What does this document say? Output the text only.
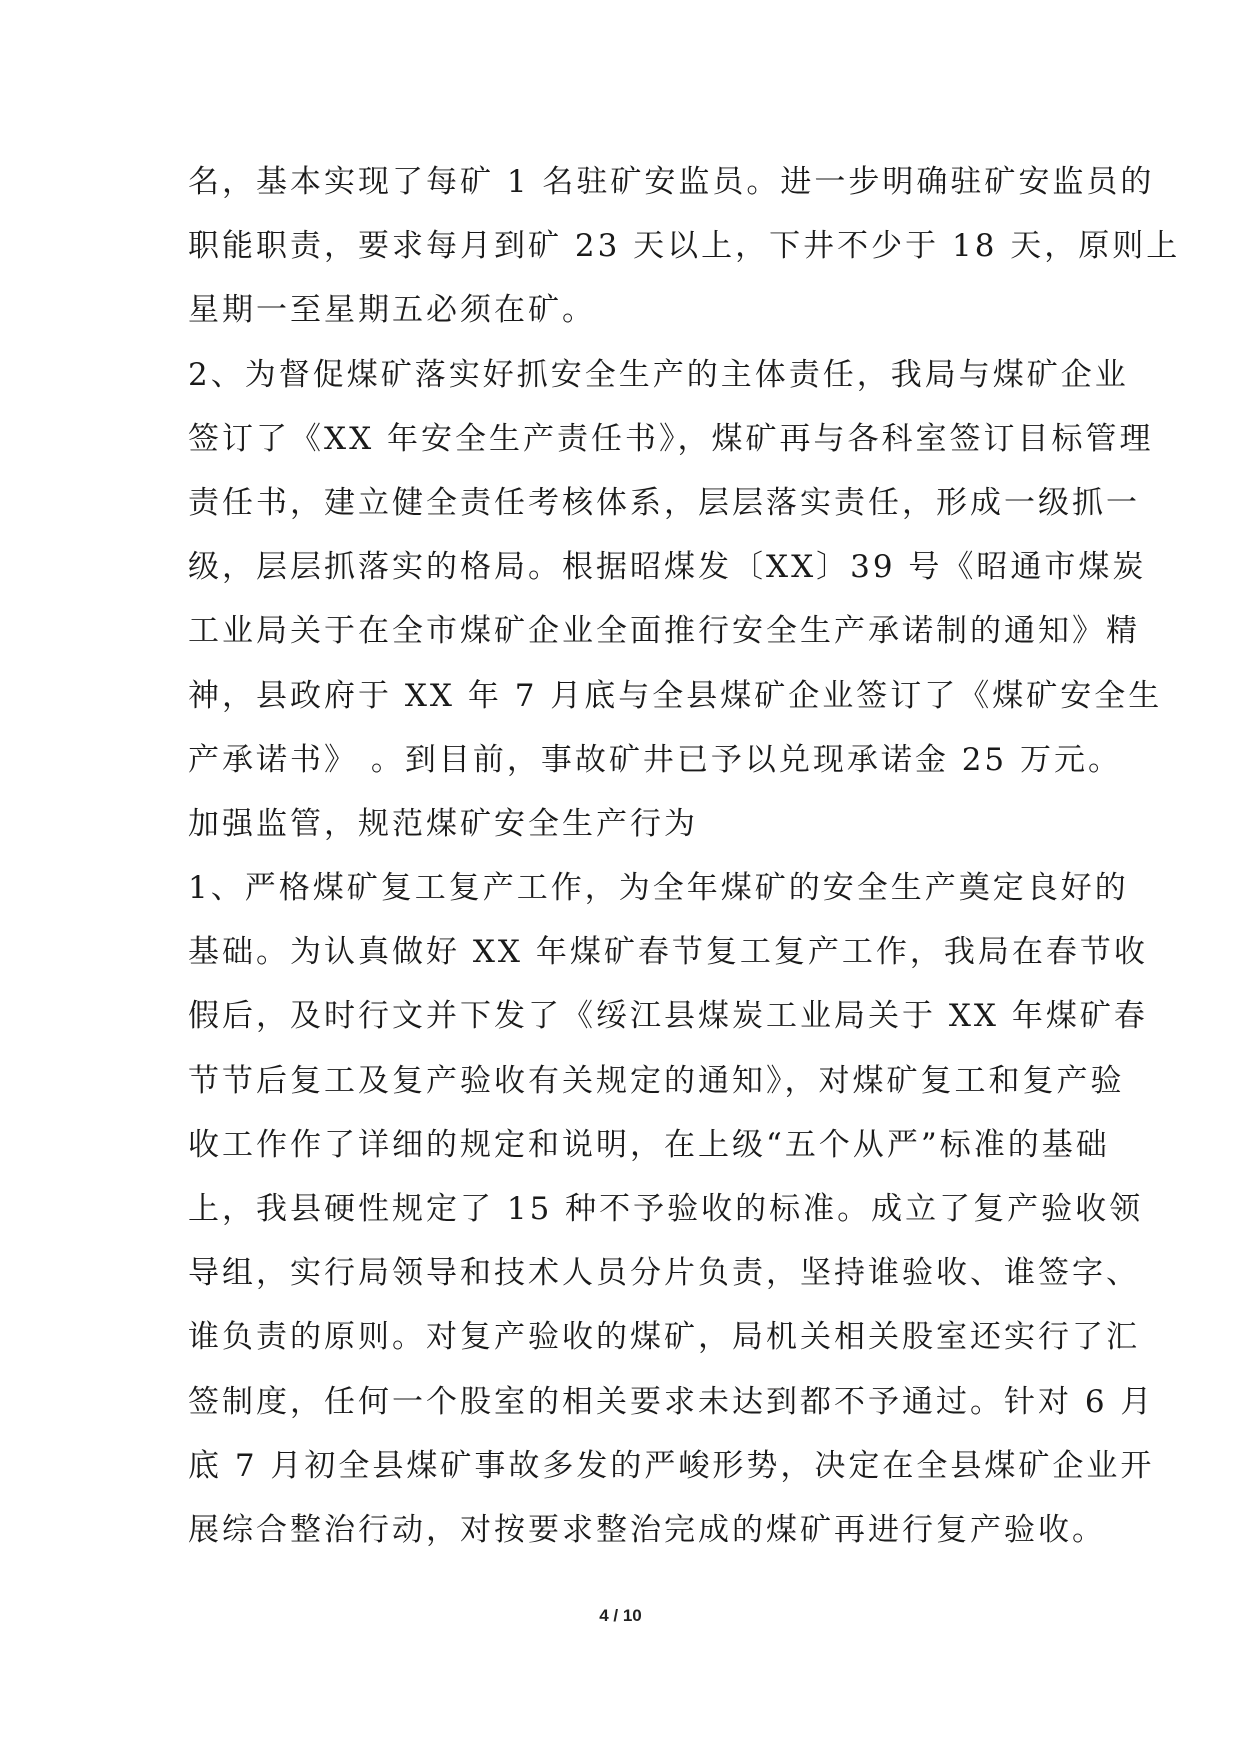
名，基本实现了每矿 1 名驻矿安监员。进一步明确驻矿安监员的
职能职责，要求每月到矿 23 天以上，下井不少于 18 天，原则上
星期一至星期五必须在矿。
2、为督促煤矿落实好抓安全生产的主体责任，我局与煤矿企业
签订了《XX 年安全生产责任书》，煤矿再与各科室签订目标管理
责任书，建立健全责任考核体系，层层落实责任，形成一级抓一
级，层层抓落实的格局。根据昭煤发〔XX〕39 号《昭通市煤炭
工业局关于在全市煤矿企业全面推行安全生产承诺制的通知》精
神，县政府于 XX 年 7 月底与全县煤矿企业签订了《煤矿安全生
产承诺书》 。到目前，事故矿井已予以兑现承诺金 25 万元。
加强监管，规范煤矿安全生产行为
1、严格煤矿复工复产工作，为全年煤矿的安全生产奠定良好的
基础。为认真做好 XX 年煤矿春节复工复产工作，我局在春节收
假后，及时行文并下发了《绥江县煤炭工业局关于 XX 年煤矿春
节节后复工及复产验收有关规定的通知》，对煤矿复工和复产验
收工作作了详细的规定和说明，在上级“五个从严”标准的基础
上，我县硬性规定了 15 种不予验收的标准。成立了复产验收领
导组，实行局领导和技术人员分片负责，坚持谁验收、谁签字、
谁负责的原则。对复产验收的煤矿，局机关相关股室还实行了汇
签制度，任何一个股室的相关要求未达到都不予通过。针对 6 月
底 7 月初全县煤矿事故多发的严峻形势，决定在全县煤矿企业开
展综合整治行动，对按要求整治完成的煤矿再进行复产验收。
4 / 10
